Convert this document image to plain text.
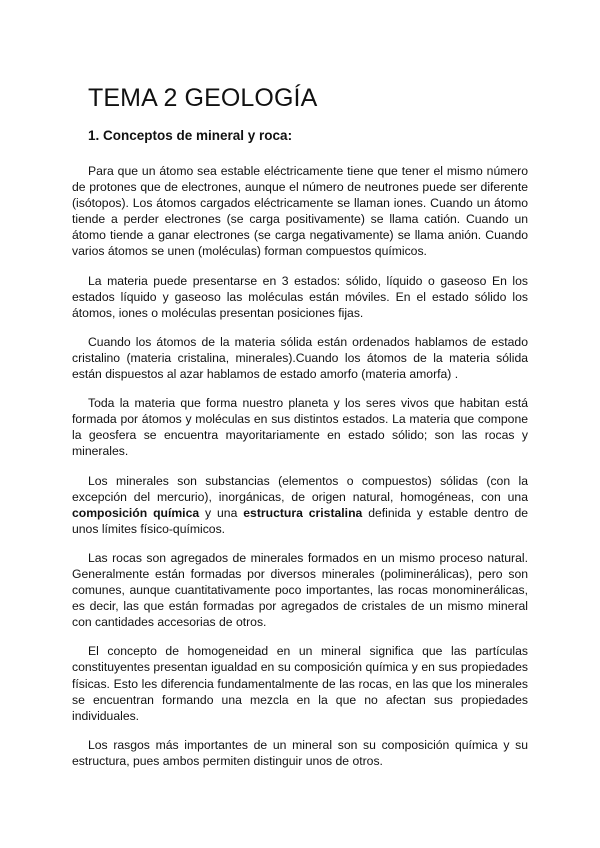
TEMA 2 GEOLOGÍA
1. Conceptos de mineral y roca:

Para que un átomo sea estable eléctricamente tiene que tener el mismo número de protones que de electrones, aunque el número de neutrones puede ser diferente (isótopos). Los átomos cargados eléctricamente se llaman iones. Cuando un átomo tiende a perder electrones (se carga positivamente) se llama catión. Cuando un átomo tiende a ganar electrones (se carga negativamente) se llama anión. Cuando varios átomos se unen (moléculas) forman compuestos químicos.

La materia puede presentarse en 3 estados: sólido, líquido o gaseoso En los estados líquido y gaseoso las moléculas están móviles. En el estado sólido los átomos, iones o moléculas presentan posiciones fijas.

Cuando los átomos de la materia sólida están ordenados hablamos de estado cristalino (materia cristalina, minerales).Cuando los átomos de la materia sólida están dispuestos al azar hablamos de estado amorfo (materia amorfa) .

Toda la materia que forma nuestro planeta y los seres vivos que habitan está formada por átomos y moléculas en sus distintos estados. La materia que compone la geosfera se encuentra mayoritariamente en estado sólido; son las rocas y minerales.

Los minerales son substancias (elementos o compuestos) sólidas (con la excepción del mercurio), inorgánicas, de origen natural, homogéneas, con una composición química y una estructura cristalina definida y estable dentro de unos límites físico-químicos.

Las rocas son agregados de minerales formados en un mismo proceso natural. Generalmente están formadas por diversos minerales (poliminerálicas), pero son comunes, aunque cuantitativamente poco importantes, las rocas monominerálicas, es decir, las que están formadas por agregados de cristales de un mismo mineral con cantidades accesorias de otros.

El concepto de homogeneidad en un mineral significa que las partículas constituyentes presentan igualdad en su composición química y en sus propiedades físicas. Esto les diferencia fundamentalmente de las rocas, en las que los minerales se encuentran formando una mezcla en la que no afectan sus propiedades individuales.

Los rasgos más importantes de un mineral son su composición química y su estructura, pues ambos permiten distinguir unos de otros.
